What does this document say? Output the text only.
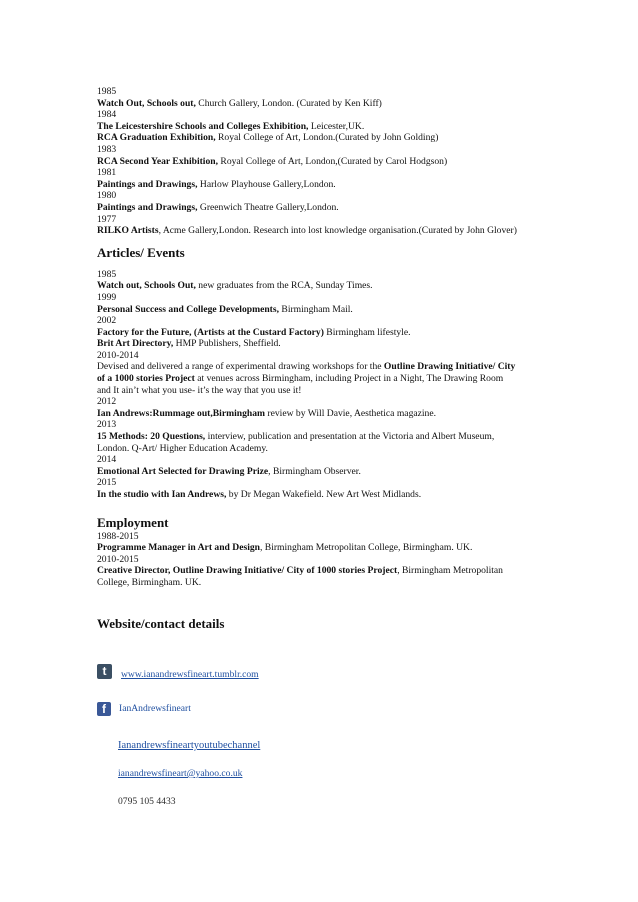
1985
Watch Out, Schools out, Church Gallery, London. (Curated by Ken Kiff)
1984
The Leicestershire Schools and Colleges Exhibition, Leicester,UK.
RCA Graduation Exhibition, Royal College of Art, London.(Curated by John Golding)
1983
RCA Second Year Exhibition, Royal College of Art, London,(Curated by Carol Hodgson)
1981
Paintings and Drawings, Harlow Playhouse Gallery,London.
1980
Paintings and Drawings, Greenwich Theatre Gallery,London.
1977
RILKO Artists, Acme Gallery,London. Research into lost knowledge organisation.(Curated by John Glover)
Articles/ Events
1985
Watch out, Schools Out, new graduates from the RCA, Sunday Times.
1999
Personal Success and College Developments, Birmingham Mail.
2002
Factory for the Future, (Artists at the Custard Factory) Birmingham lifestyle.
Brit Art Directory, HMP Publishers, Sheffield.
2010-2014
Devised and delivered a range of experimental drawing workshops for the Outline Drawing Initiative/ City of a 1000 stories Project at venues across Birmingham, including Project in a Night, The Drawing Room and It ain’t what you use- it’s the way that you use it!
2012
Ian Andrews:Rummage out,Birmingham review by Will Davie, Aesthetica magazine.
2013
15 Methods: 20 Questions, interview, publication and presentation at the Victoria and Albert Museum, London. Q-Art/ Higher Education Academy.
2014
Emotional Art Selected for Drawing Prize, Birmingham Observer.
2015
In the studio with Ian Andrews, by Dr Megan Wakefield. New Art West Midlands.
Employment
1988-2015
Programme Manager in Art and Design, Birmingham Metropolitan College, Birmingham. UK.
2010-2015
Creative Director, Outline Drawing Initiative/ City of 1000 stories Project, Birmingham Metropolitan College, Birmingham. UK.
Website/contact details
t	www.ianandrewsfineart.tumblr.com
f	IanAndrewsfineart
Ianandrewsfineartyoutubechannel
ianandrewsfineart@yahoo.co.uk
0795 105 4433
